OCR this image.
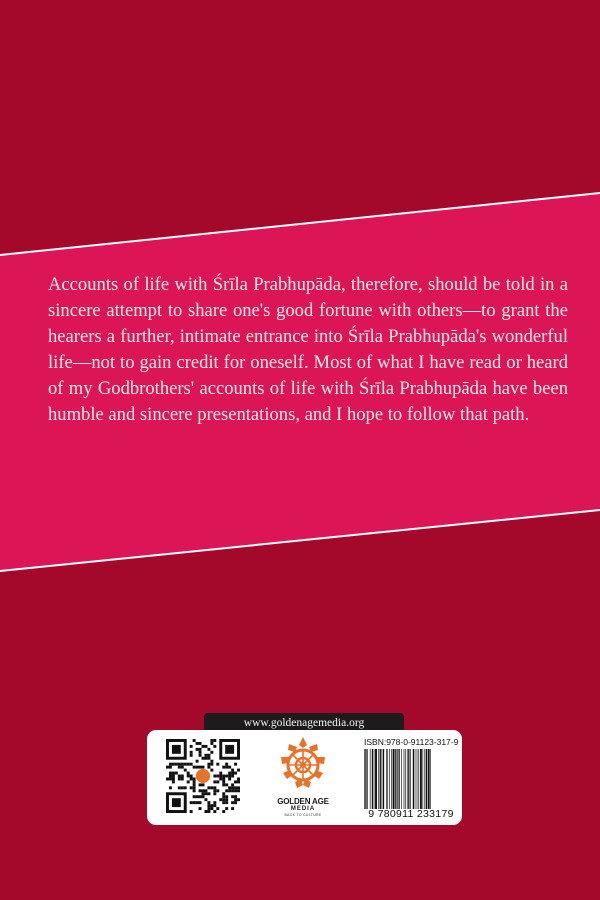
Accounts of life with Śrīla Prabhupāda, therefore, should be told in a sincere attempt to share one's good fortune with others—to grant the hearers a further, intimate entrance into Śrīla Prabhupāda's wonderful life—not to gain credit for oneself. Most of what I have read or heard of my Godbrothers' accounts of life with Śrīla Prabhupāda have been humble and sincere presentations, and I hope to follow that path.

www.goldenagemedia.org
GOLDEN AGE
MEDIA
BACK TO CULTURE
ISBN:978-0-91123-317-9
9 780911 233179
